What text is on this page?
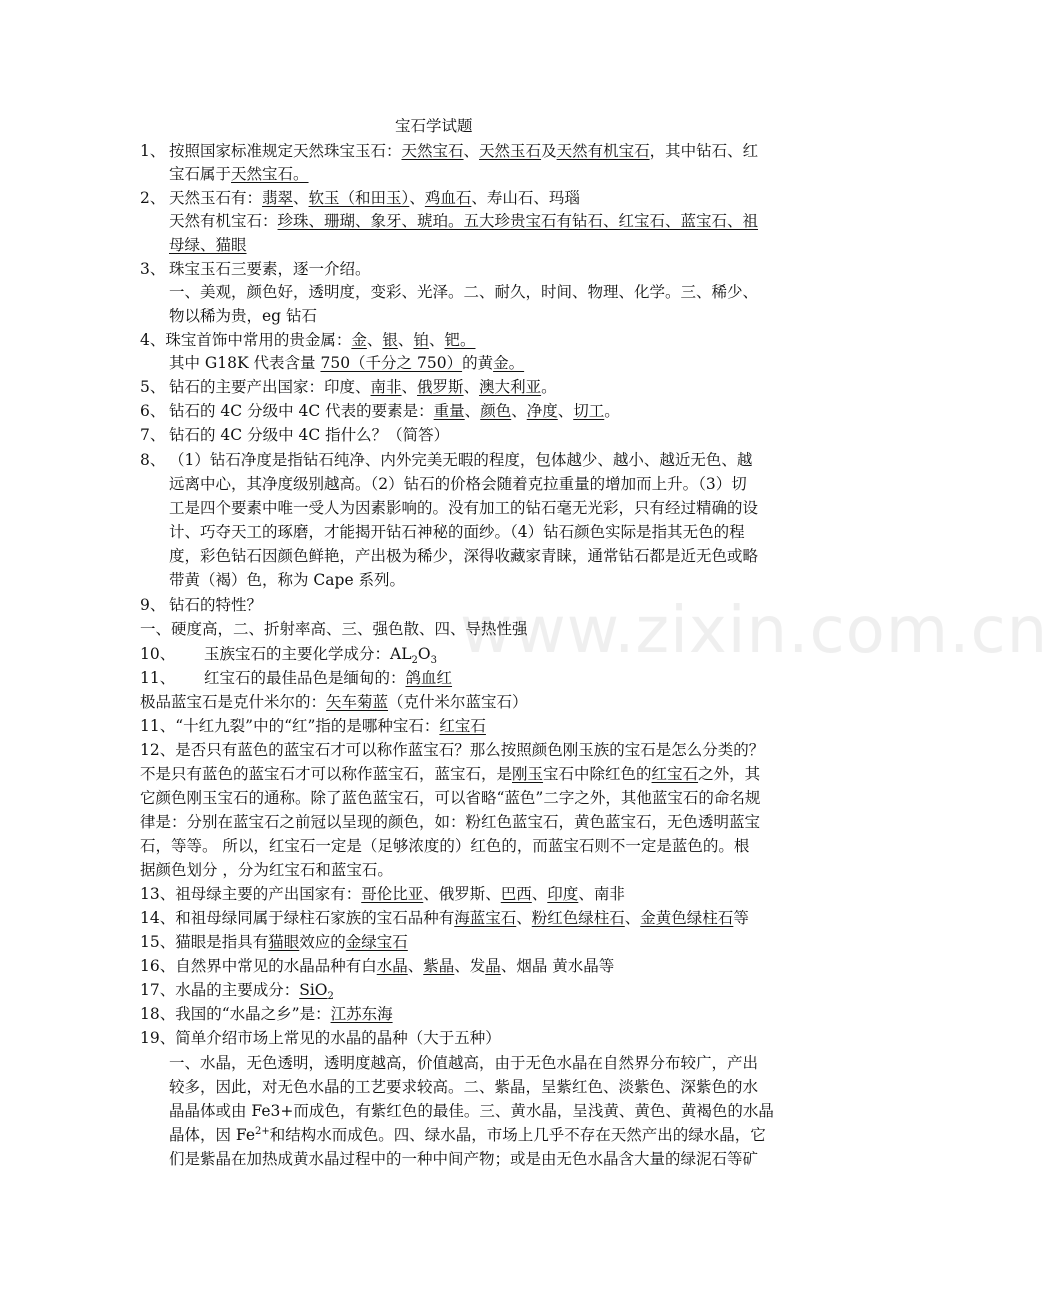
www.zixin.com.cn
宝石学试题
1、 按照国家标准规定天然珠宝玉石：天然宝石、天然玉石及天然有机宝石，其中钻石、红
宝石属于天然宝石。
2、 天然玉石有：翡翠、软玉（和田玉）、鸡血石、寿山石、玛瑙
天然有机宝石：珍珠、珊瑚、象牙、琥珀。五大珍贵宝石有钻石、红宝石、蓝宝石、祖
母绿、猫眼
3、 珠宝玉石三要素，逐一介绍。
一、美观，颜色好，透明度，变彩、光泽。二、耐久，时间、物理、化学。三、稀少、
物以稀为贵，eg 钻石
4、珠宝首饰中常用的贵金属：金、银、铂、钯。
其中 G18K 代表含量 750（千分之 750）的黄金。
5、 钻石的主要产出国家：印度、南非、俄罗斯、澳大利亚。
6、 钻石的 4C 分级中 4C 代表的要素是：重量、颜色、净度、切工。
7、 钻石的 4C 分级中 4C 指什么？（简答）
8、 （1）钻石净度是指钻石纯净、内外完美无暇的程度，包体越少、越小、越近无色、越
远离中心，其净度级别越高。（2）钻石的价格会随着克拉重量的增加而上升。（3）切
工是四个要素中唯一受人为因素影响的。没有加工的钻石毫无光彩，只有经过精确的设
计、巧夺天工的琢磨，才能揭开钻石神秘的面纱。（4）钻石颜色实际是指其无色的程
度，彩色钻石因颜色鲜艳，产出极为稀少，深得收藏家青睐，通常钻石都是近无色或略
带黄（褐）色，称为 Cape 系列。
9、 钻石的特性？
一、硬度高，二、折射率高、三、强色散、四、导热性强
10、 玉族宝石的主要化学成分：$AL_2O_3$
11、 红宝石的最佳品色是缅甸的：鸽血红
极品蓝宝石是克什米尔的：矢车菊蓝（克什米尔蓝宝石）
11、“十红九裂”中的“红”指的是哪种宝石：红宝石
12、是否只有蓝色的蓝宝石才可以称作蓝宝石？那么按照颜色刚玉族的宝石是怎么分类的？
不是只有蓝色的蓝宝石才可以称作蓝宝石，蓝宝石，是刚玉宝石中除红色的红宝石之外，其
它颜色刚玉宝石的通称。除了蓝色蓝宝石，可以省略“蓝色”二字之外，其他蓝宝石的命名规
律是：分别在蓝宝石之前冠以呈现的颜色，如：粉红色蓝宝石，黄色蓝宝石，无色透明蓝宝
石，等等。 所以，红宝石一定是（足够浓度的）红色的，而蓝宝石则不一定是蓝色的。根
据颜色划分 ，分为红宝石和蓝宝石。
13、祖母绿主要的产出国家有：哥伦比亚、俄罗斯、巴西、印度、南非
14、和祖母绿同属于绿柱石家族的宝石品种有海蓝宝石、粉红色绿柱石、金黄色绿柱石等
15、猫眼是指具有猫眼效应的金绿宝石
16、自然界中常见的水晶品种有白水晶、紫晶、发晶、烟晶 黄水晶等
17、水晶的主要成分：SiO$_2$
18、我国的“水晶之乡”是：江苏东海
19、简单介绍市场上常见的水晶的晶种（大于五种）
一、水晶，无色透明，透明度越高，价值越高，由于无色水晶在自然界分布较广，产出
较多，因此，对无色水晶的工艺要求较高。二、紫晶，呈紫红色、淡紫色、深紫色的水
晶晶体或由 Fe3+而成色，有紫红色的最佳。三、黄水晶，呈浅黄、黄色、黄褐色的水晶
晶体，因 $Fe^{2+}$和结构水而成色。四、绿水晶，市场上几乎不存在天然产出的绿水晶，它
们是紫晶在加热成黄水晶过程中的一种中间产物；或是由无色水晶含大量的绿泥石等矿
